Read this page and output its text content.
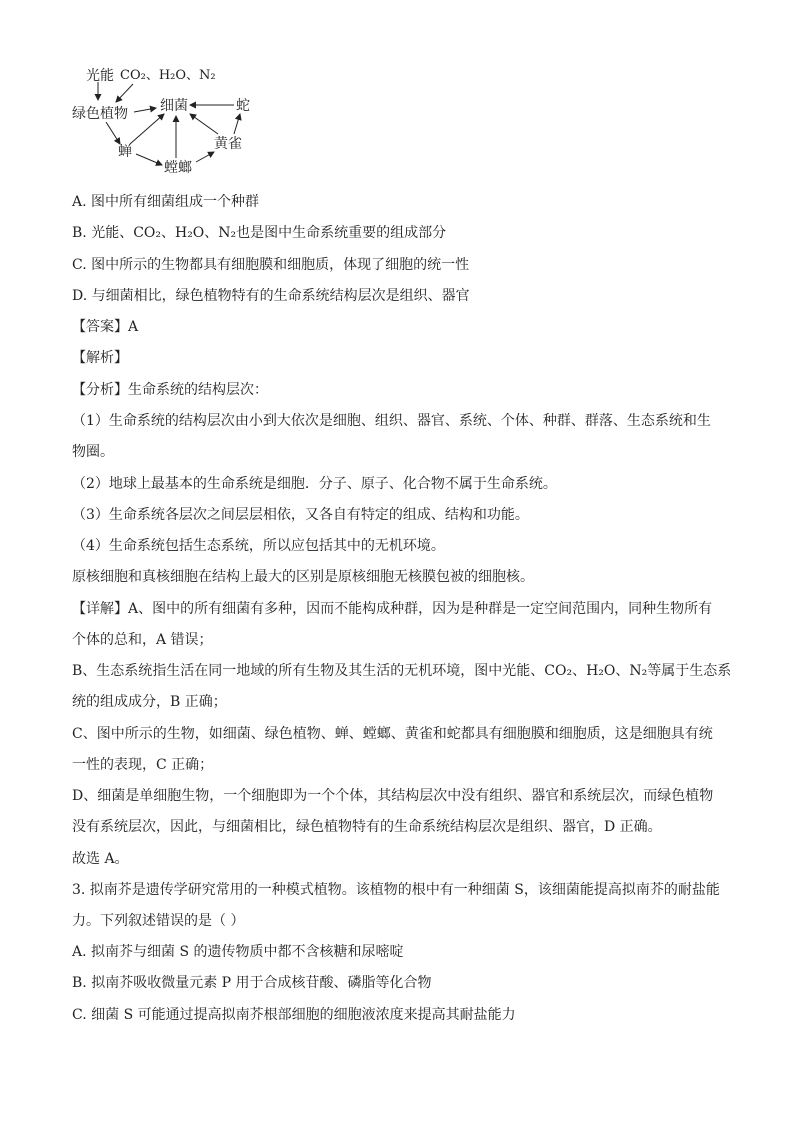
光能 CO₂、H₂O、N₂
绿色植物 细菌	蛇
蝉
螳螂
黄雀
A. 图中所有细菌组成一个种群
B. 光能、CO₂、H₂O、N₂也是图中生命系统重要的组成部分
C. 图中所示的生物都具有细胞膜和细胞质，体现了细胞的统一性
D. 与细菌相比，绿色植物特有的生命系统结构层次是组织、器官
【答案】A
【解析】
【分析】生命系统的结构层次：
（1）生命系统的结构层次由小到大依次是细胞、组织、器官、系统、个体、种群、群落、生态系统和生
物圈。
（2）地球上最基本的生命系统是细胞．分子、原子、化合物不属于生命系统。
（3）生命系统各层次之间层层相依，又各自有特定的组成、结构和功能。
（4）生命系统包括生态系统，所以应包括其中的无机环境。
原核细胞和真核细胞在结构上最大的区别是原核细胞无核膜包被的细胞核。
【详解】A、图中的所有细菌有多种，因而不能构成种群，因为是种群是一定空间范围内，同种生物所有
个体的总和，A 错误；
B、生态系统指生活在同一地域的所有生物及其生活的无机环境，图中光能、CO₂、H₂O、N₂等属于生态系
统的组成成分，B 正确；
C、图中所示的生物，如细菌、绿色植物、蝉、螳螂、黄雀和蛇都具有细胞膜和细胞质，这是细胞具有统
一性的表现，C 正确；
D、细菌是单细胞生物，一个细胞即为一个个体，其结构层次中没有组织、器官和系统层次，而绿色植物
没有系统层次，因此，与细菌相比，绿色植物特有的生命系统结构层次是组织、器官，D 正确。
故选 A。
3. 拟南芥是遗传学研究常用的一种模式植物。该植物的根中有一种细菌 S，该细菌能提高拟南芥的耐盐能
力。下列叙述错误的是（ ）
A. 拟南芥与细菌 S 的遗传物质中都不含核糖和尿嘧啶
B. 拟南芥吸收微量元素 P 用于合成核苷酸、磷脂等化合物
C. 细菌 S 可能通过提高拟南芥根部细胞的细胞液浓度来提高其耐盐能力
